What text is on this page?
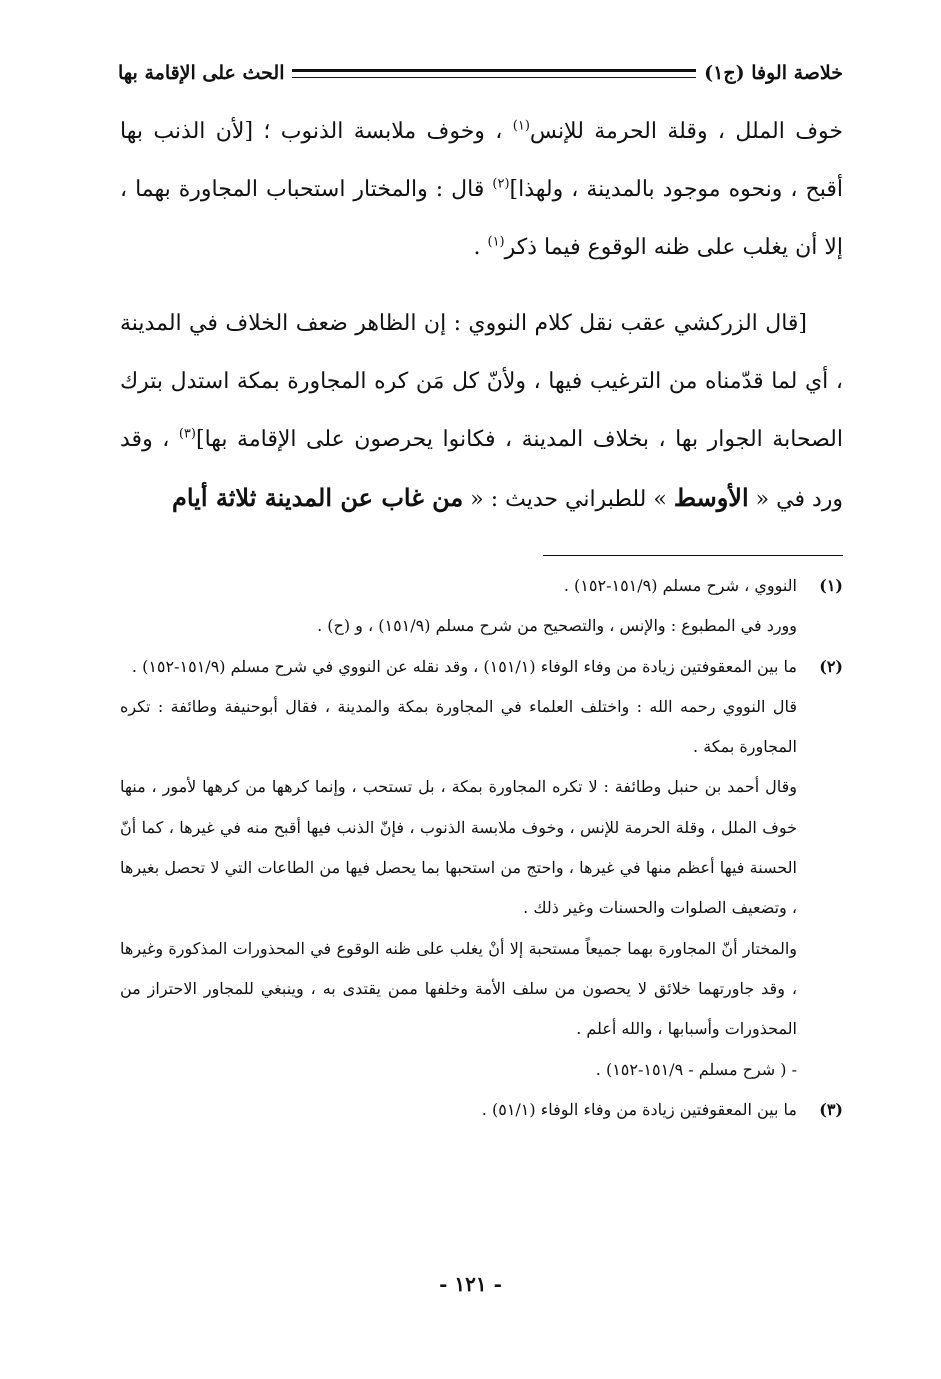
خلاصة الوفا (ج١)
الحث على الإقامة بها

خوف الملل ، وقلة الحرمة للإنس$^{(١)}$ ، وخوف ملابسة الذنوب ؛ [لأن الذنب بها أقبح ، ونحوه موجود بالمدينة ، ولهذا]$^{(٢)}$ قال : والمختار استحباب المجاورة بهما ، إلا أن يغلب على ظنه الوقوع فيما ذكر$^{(١)}$ .

[قال الزركشي عقب نقل كلام النووي : إن الظاهر ضعف الخلاف في المدينة ، أي لما قدّمناه من الترغيب فيها ، ولأنّ كل مَن كره المجاورة بمكة استدل بترك الصحابة الجوار بها ، بخلاف المدينة ، فكانوا يحرصون على الإقامة بها]$^{(٣)}$ ، وقد ورد في « الأوسط » للطبراني حديث : « من غاب عن المدينة ثلاثة أيام

(١)

النووي ، شرح مسلم (١٥١/٩-١٥٢) .

وورد في المطبوع : والإنس ، والتصحيح من شرح مسلم (١٥١/٩) ، و (ح) .

(٢)

ما بين المعقوفتين زيادة من وفاء الوفاء (١٥١/١) ، وقد نقله عن النووي في شرح مسلم (١٥١/٩-١٥٢) .

قال النووي رحمه الله : واختلف العلماء في المجاورة بمكة والمدينة ، فقال أبوحنيفة وطائفة : تكره المجاورة بمكة .

وقال أحمد بن حنبل وطائفة : لا تكره المجاورة بمكة ، بل تستحب ، وإنما كرهها من كرهها لأمور ، منها خوف الملل ، وقلة الحرمة للإنس ، وخوف ملابسة الذنوب ، فإنّ الذنب فيها أقبح منه في غيرها ، كما أنّ الحسنة فيها أعظم منها في غيرها ، واحتج من استحبها بما يحصل فيها من الطاعات التي لا تحصل بغيرها ، وتضعيف الصلوات والحسنات وغير ذلك .

والمختار أنّ المجاورة بهما جميعاً مستحبة إلا أنْ يغلب على ظنه الوقوع في المحذورات المذكورة وغيرها ، وقد جاورتهما خلائق لا يحصون من سلف الأمة وخلفها ممن يقتدى به ، وينبغي للمجاور الاحتراز من المحذورات وأسبابها ، والله أعلم .

- ( شرح مسلم - ١٥١/٩-١٥٢) .

(٣)

ما بين المعقوفتين زيادة من وفاء الوفاء (٥١/١) .

- ١٢١ -
